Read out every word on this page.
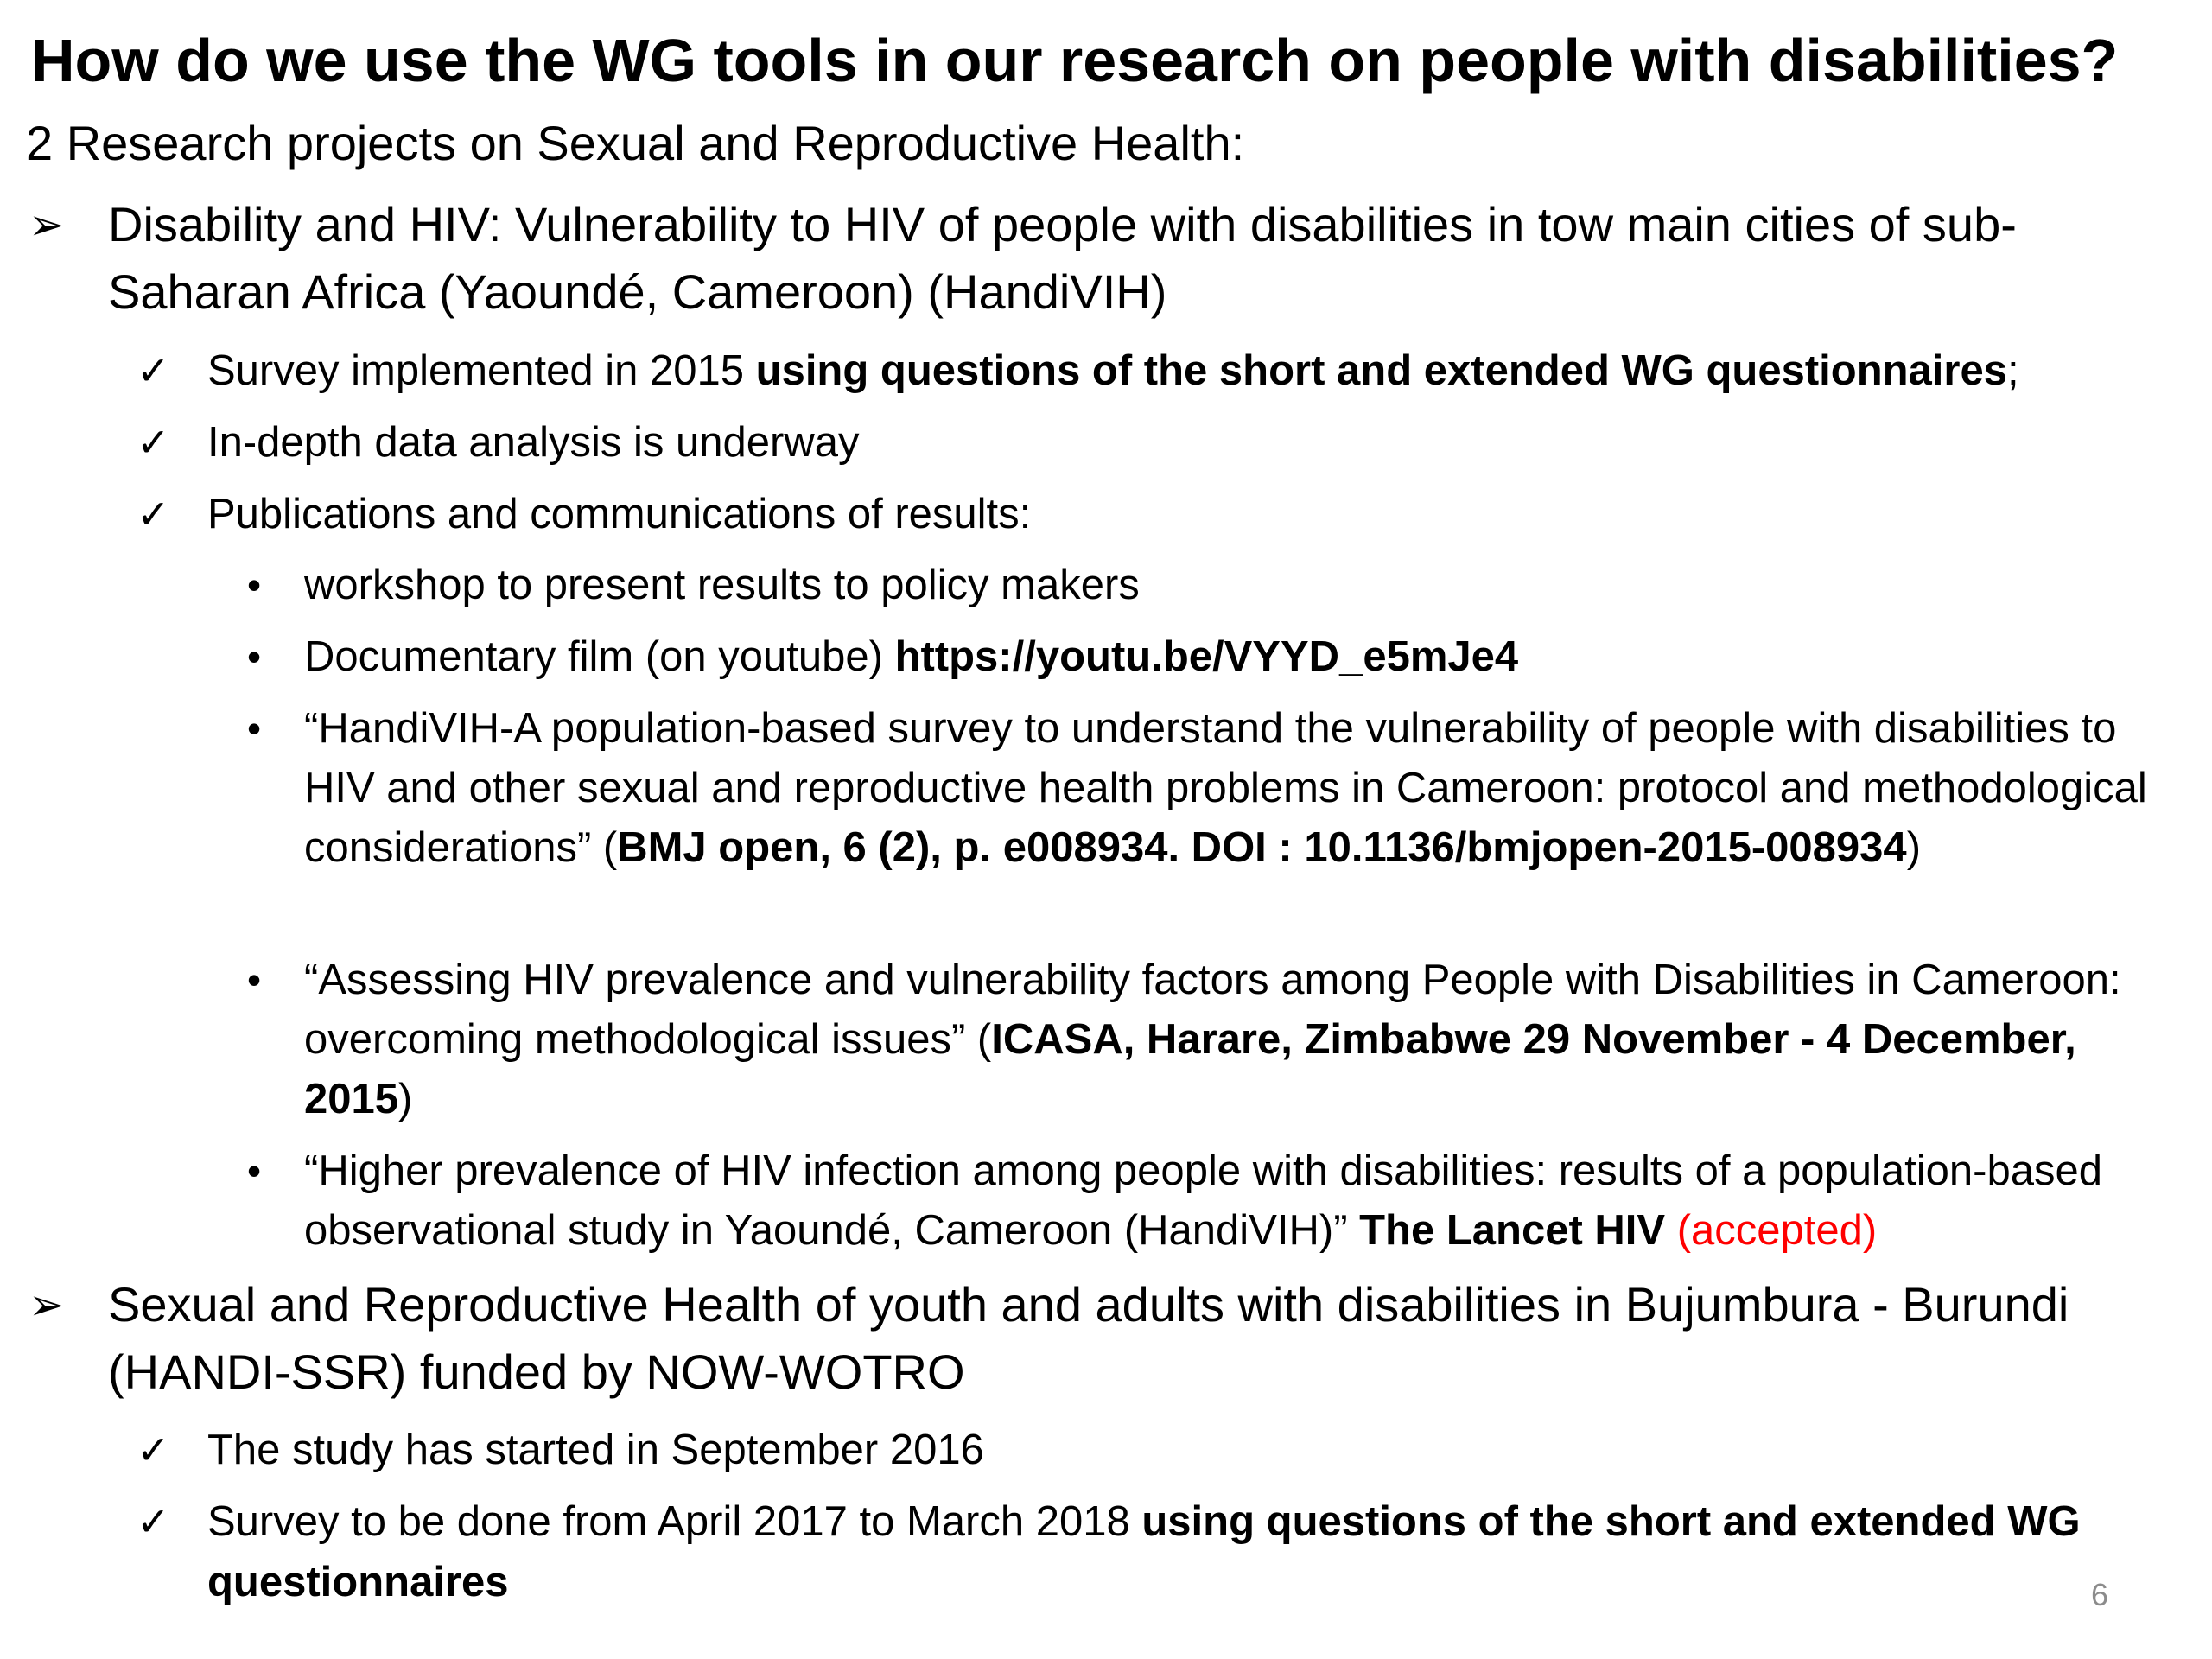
How do we use the WG tools in our research on people with disabilities?
2 Research projects on Sexual and Reproductive Health:
➢ Disability and HIV: Vulnerability to HIV of people with disabilities in tow main cities of sub-Saharan Africa (Yaoundé, Cameroon) (HandiVIH)
✓ Survey implemented in 2015 using questions of the short and extended WG questionnaires;
✓ In-depth data analysis is underway
✓ Publications and communications of results:
• workshop to present results to policy makers
• Documentary film (on youtube) https://youtu.be/VYYD_e5mJe4
• “HandiVIH-A population-based survey to understand the vulnerability of people with disabilities to HIV and other sexual and reproductive health problems in Cameroon: protocol and methodological considerations” (BMJ open, 6 (2), p. e008934. DOI : 10.1136/bmjopen-2015-008934)
• “Assessing HIV prevalence and vulnerability factors among People with Disabilities in Cameroon: overcoming methodological issues” (ICASA, Harare, Zimbabwe 29 November - 4 December, 2015)
• “Higher prevalence of HIV infection among people with disabilities: results of a population-based observational study in Yaoundé, Cameroon (HandiVIH)” The Lancet HIV (accepted)
➢ Sexual and Reproductive Health of youth and adults with disabilities in Bujumbura - Burundi (HANDI-SSR) funded by NOW-WOTRO
✓ The study has started in September 2016
✓ Survey to be done from April 2017 to March 2018 using questions of the short and extended WG questionnaires	6
